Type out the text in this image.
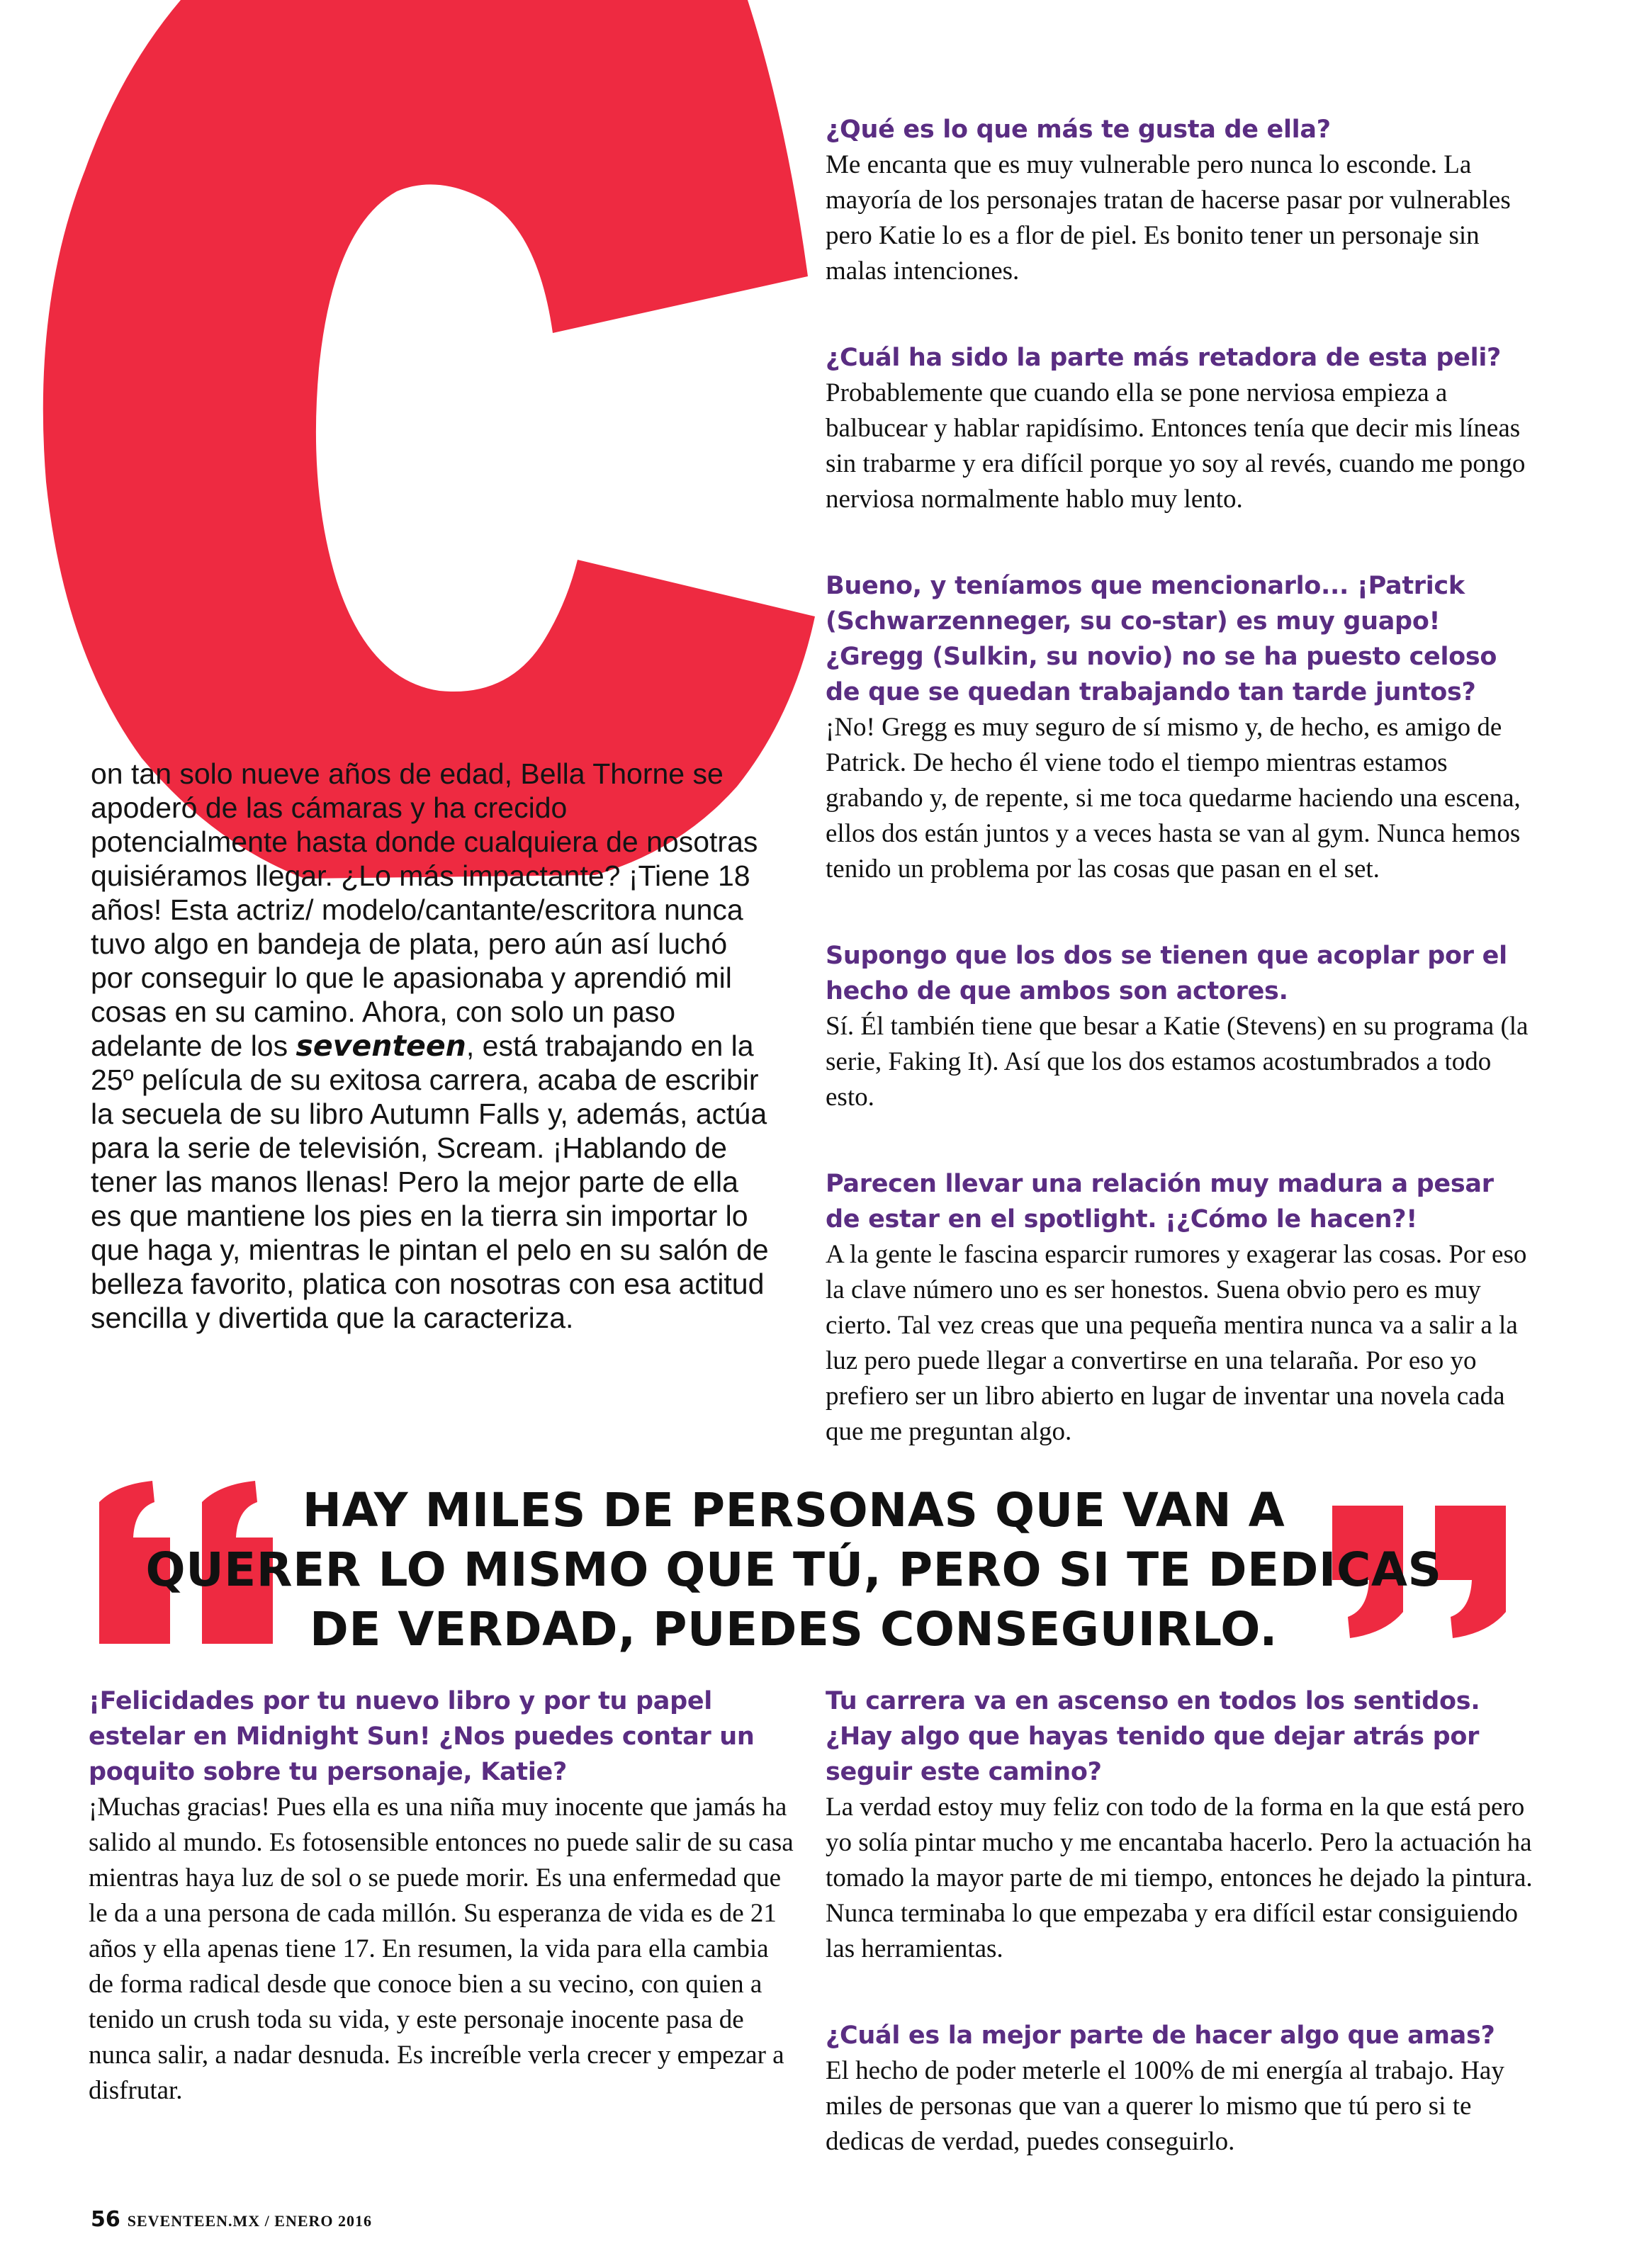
¿Qué es lo que más te gusta de ella?

Me encanta que es muy vulnerable pero nunca lo esconde. La mayoría de los personajes tratan de hacerse pasar por vulnerables pero Katie lo es a flor de piel. Es bonito tener un personaje sin malas intenciones.

¿Cuál ha sido la parte más retadora de esta peli?

Probablemente que cuando ella se pone nerviosa empieza a balbucear y hablar rapidísimo. Entonces tenía que decir mis líneas sin trabarme y era difícil porque yo soy al revés, cuando me pongo nerviosa normalmente hablo muy lento.

Bueno, y teníamos que mencionarlo... ¡Patrick (Schwarzenneger, su co-star) es muy guapo! ¿Gregg (Sulkin, su novio) no se ha puesto celoso de que se quedan trabajando tan tarde juntos?

¡No! Gregg es muy seguro de sí mismo y, de hecho, es amigo de Patrick. De hecho él viene todo el tiempo mientras estamos grabando y, de repente, si me toca quedarme haciendo una escena, ellos dos están juntos y a veces hasta se van al gym. Nunca hemos tenido un problema por las cosas que pasan en el set.

Supongo que los dos se tienen que acoplar por el hecho de que ambos son actores.

Sí. Él también tiene que besar a Katie (Stevens) en su programa (la serie, Faking It). Así que los dos estamos acostumbrados a todo esto.

Parecen llevar una relación muy madura a pesar de estar en el spotlight. ¡¿Cómo le hacen?!

A la gente le fascina esparcir rumores y exagerar las cosas. Por eso la clave número uno es ser honestos. Suena obvio pero es muy cierto. Tal vez creas que una pequeña mentira nunca va a salir a la luz pero puede llegar a convertirse en una telaraña. Por eso yo prefiero ser un libro abierto en lugar de inventar una novela cada que me preguntan algo.

on tan solo nueve años de edad, Bella Thorne se apoderó de las cámaras y ha crecido potencialmente hasta donde cualquiera de nosotras quisiéramos llegar. ¿Lo más impactante? ¡Tiene 18 años! Esta actriz/ modelo/cantante/escritora nunca tuvo algo en bandeja de plata, pero aún así luchó por conseguir lo que le apasionaba y aprendió mil cosas en su camino. Ahora, con solo un paso adelante de los seventeen, está trabajando en la 25º película de su exitosa carrera, acaba de escribir la secuela de su libro Autumn Falls y, además, actúa para la serie de televisión, Scream. ¡Hablando de tener las manos llenas! Pero la mejor parte de ella es que mantiene los pies en la tierra sin importar lo que haga y, mientras le pintan el pelo en su salón de belleza favorito, platica con nosotras con esa actitud sencilla y divertida que la caracteriza.

HAY MILES DE PERSONAS QUE VAN A
QUERER LO MISMO QUE TÚ, PERO SI TE DEDICAS
DE VERDAD, PUEDES CONSEGUIRLO.

¡Felicidades por tu nuevo libro y por tu papel estelar en Midnight Sun! ¿Nos puedes contar un poquito sobre tu personaje, Katie?

¡Muchas gracias! Pues ella es una niña muy inocente que jamás ha salido al mundo. Es fotosensible entonces no puede salir de su casa mientras haya luz de sol o se puede morir. Es una enfermedad que le da a una persona de cada millón. Su esperanza de vida es de 21 años y ella apenas tiene 17. En resumen, la vida para ella cambia de forma radical desde que conoce bien a su vecino, con quien a tenido un crush toda su vida, y este personaje inocente pasa de nunca salir, a nadar desnuda. Es increíble verla crecer y empezar a disfrutar.

Tu carrera va en ascenso en todos los sentidos. ¿Hay algo que hayas tenido que dejar atrás por seguir este camino?

La verdad estoy muy feliz con todo de la forma en la que está pero yo solía pintar mucho y me encantaba hacerlo. Pero la actuación ha tomado la mayor parte de mi tiempo, entonces he dejado la pintura. Nunca terminaba lo que empezaba y era difícil estar consiguiendo las herramientas.

¿Cuál es la mejor parte de hacer algo que amas?

El hecho de poder meterle el 100% de mi energía al trabajo. Hay miles de personas que van a querer lo mismo que tú pero si te dedicas de verdad, puedes conseguirlo.

56 SEVENTEEN.MX / ENERO 2016
